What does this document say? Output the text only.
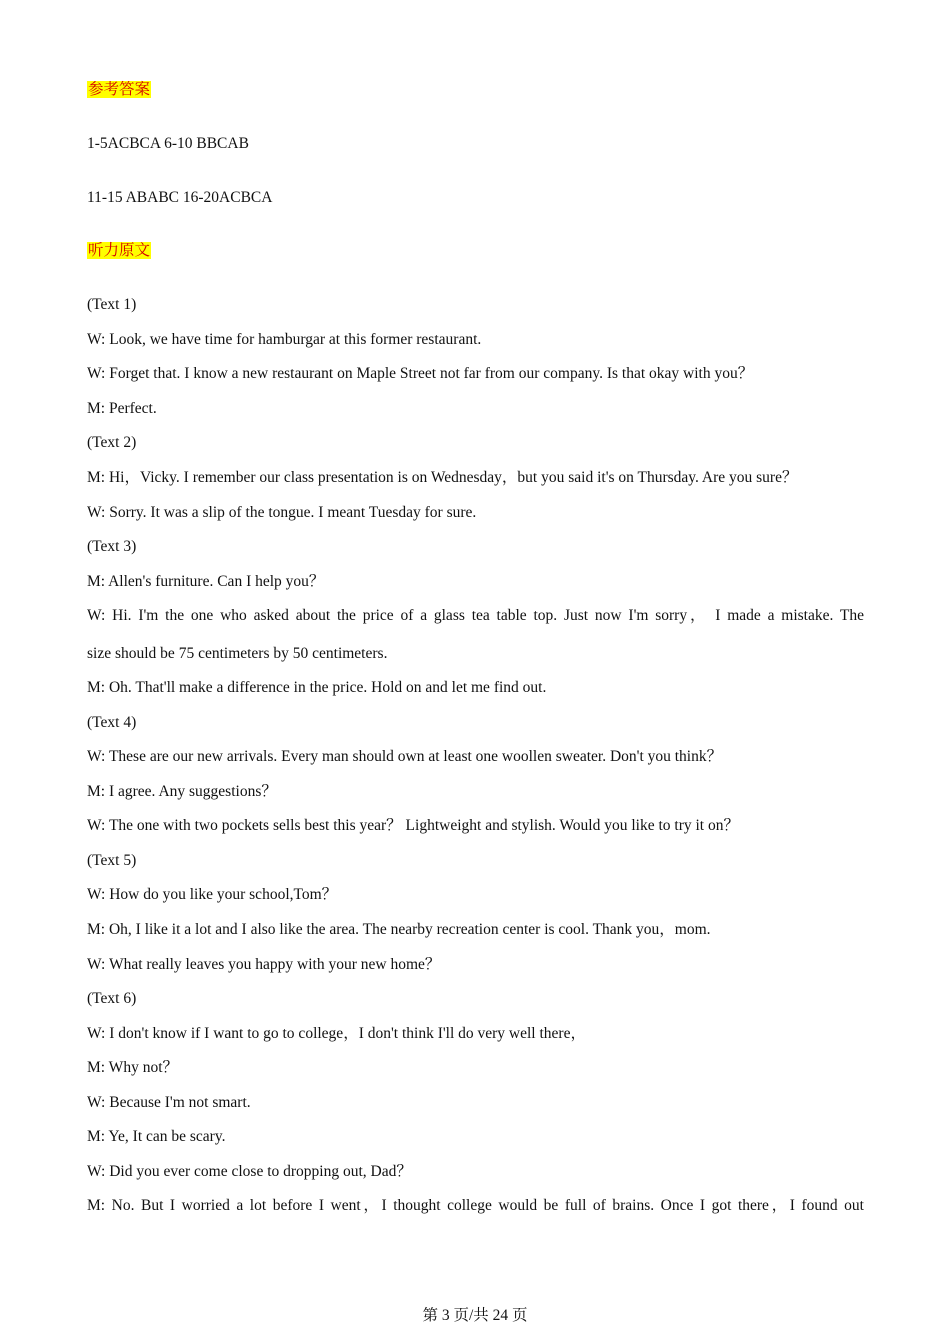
参考答案
1-5ACBCA 6-10 BBCAB
11-15 ABABC 16-20ACBCA
听力原文
(Text 1)
W: Look, we have time for hamburgar at this former restaurant.
W: Forget that. I know a new restaurant on Maple Street not far from our company. Is that okay with you？
M: Perfect.
(Text 2)
M: Hi，Vicky. I remember our class presentation is on Wednesday，but you said it's on Thursday. Are you sure？
W: Sorry. It was a slip of the tongue. I meant Tuesday for sure.
(Text 3)
M: Allen's furniture. Can I help you？
W: Hi. I'm the one who asked about the price of a glass tea table top. Just now I'm sorry， I made a mistake. The
size should be 75 centimeters by 50 centimeters.
M: Oh. That'll make a difference in the price. Hold on and let me find out.
(Text 4)
W: These are our new arrivals. Every man should own at least one woollen sweater. Don't you think？
M: I agree. Any suggestions？
W: The one with two pockets sells best this year？ Lightweight and stylish. Would you like to try it on？
(Text 5)
W: How do you like your school,Tom？
M: Oh, I like it a lot and I also like the area. The nearby recreation center is cool. Thank you，mom.
W: What really leaves you happy with your new home？
(Text 6)
W: I don't know if I want to go to college，I don't think I'll do very well there，
M: Why not？
W: Because I'm not smart.
M: Ye, It can be scary.
W: Did you ever come close to dropping out, Dad？
M: No. But I worried a lot before I went，I thought college would be full of brains. Once I got there，I found out
第 3 页/共 24 页
